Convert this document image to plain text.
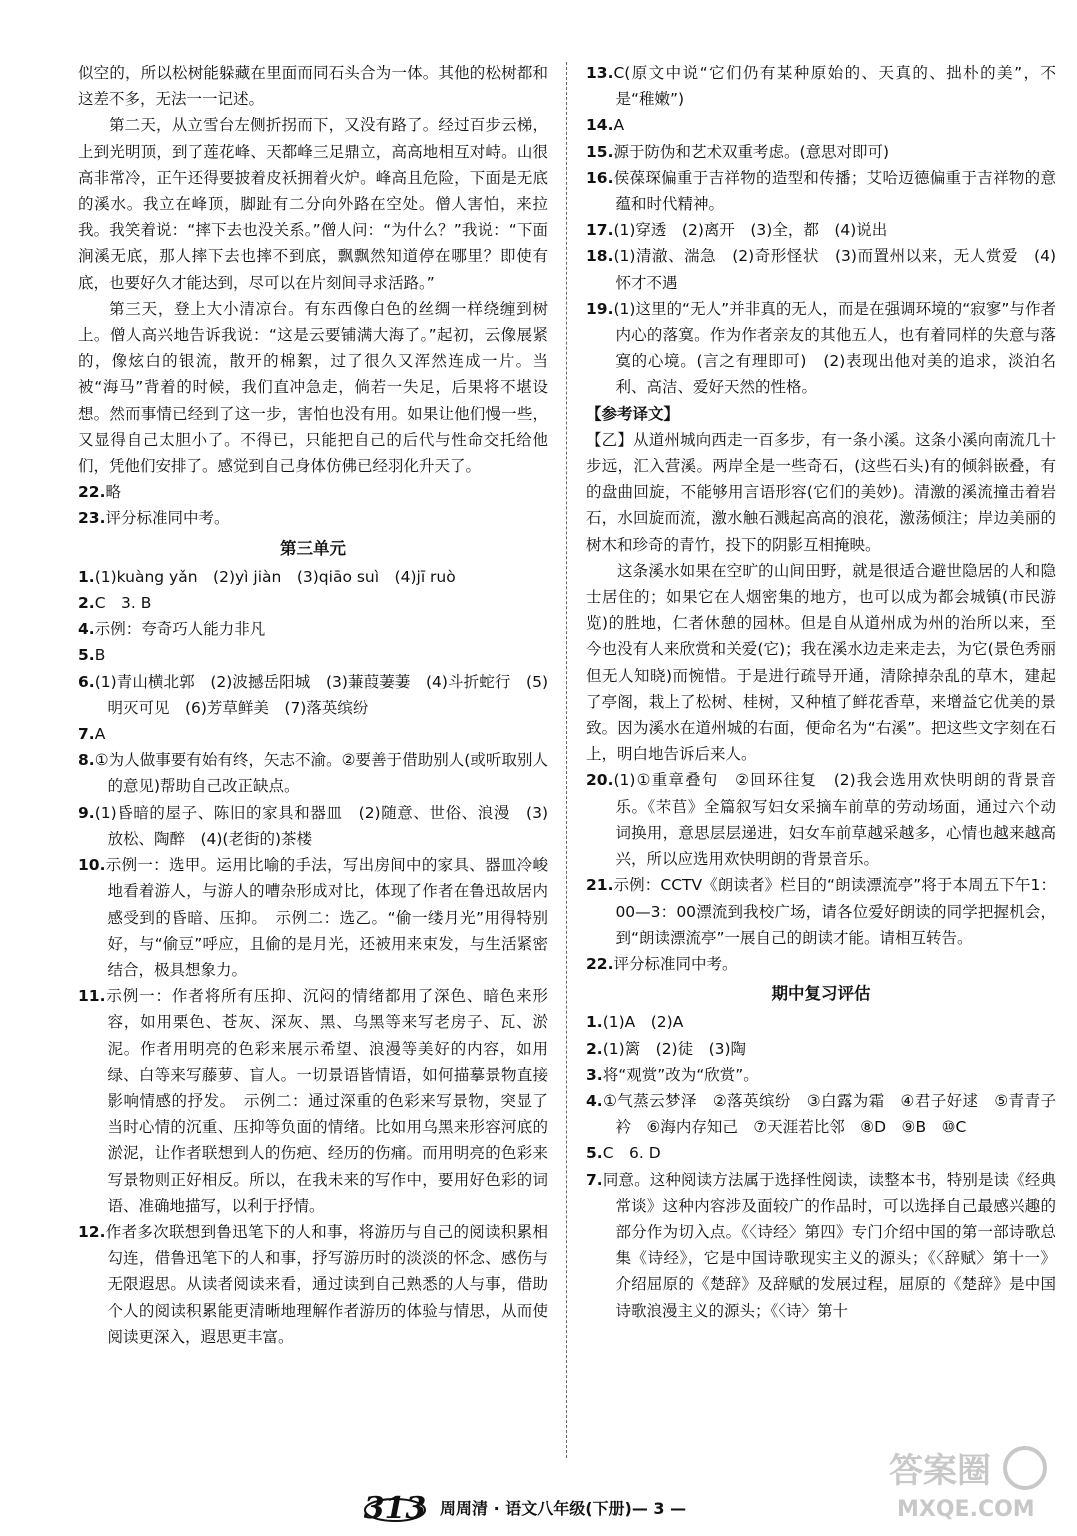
似空的，所以松树能躲藏在里面而同石头合为一体。其他的松树都和这差不多，无法一一记述。

第二天，从立雪台左侧折拐而下，又没有路了。经过百步云梯，上到光明顶，到了莲花峰、天都峰三足鼎立，高高地相互对峙。山很高非常冷，正午还得要披着皮袄拥着火炉。峰高且危险，下面是无底的溪水。我立在峰顶，脚趾有二分向外路在空处。僧人害怕，来拉我。我笑着说：“摔下去也没关系。”僧人问：“为什么？”我说：“下面涧溪无底，那人摔下去也摔不到底，飘飘然知道停在哪里？即使有底，也要好久才能达到，尽可以在片刻间寻求活路。”

第三天，登上大小清凉台。有东西像白色的丝绸一样绕缠到树上。僧人高兴地告诉我说：“这是云要铺满大海了。”起初，云像展紧的，像炫白的银流，散开的棉絮，过了很久又浑然连成一片。当被“海马”背着的时候，我们直冲急走，倘若一失足，后果将不堪设想。然而事情已经到了这一步，害怕也没有用。如果让他们慢一些，又显得自己太胆小了。不得已，只能把自己的后代与性命交托给他们，凭他们安排了。感觉到自己身体仿佛已经羽化升天了。

22.略

23.评分标准同中考。

第三单元

1.(1)kuàng yǎn　(2)yì jiàn　(3)qiāo suì　(4)jī ruò

2.C　3. B

4.示例：夸奇巧人能力非凡

5.B

6.(1)青山横北郭　(2)波撼岳阳城　(3)蒹葭萋萋　(4)斗折蛇行　(5)明灭可见　(6)芳草鲜美　(7)落英缤纷

7.A

8.①为人做事要有始有终，矢志不渝。②要善于借助别人(或听取别人的意见)帮助自己改正缺点。

9.(1)昏暗的屋子、陈旧的家具和器皿　(2)随意、世俗、浪漫　(3)放松、陶醉　(4)(老街的)茶楼

10.示例一：选甲。运用比喻的手法，写出房间中的家具、器皿冷峻地看着游人，与游人的嘈杂形成对比，体现了作者在鲁迅故居内感受到的昏暗、压抑。　示例二：选乙。“偷一缕月光”用得特别好，与“偷豆”呼应，且偷的是月光，还被用来束发，与生活紧密结合，极具想象力。

11.示例一：作者将所有压抑、沉闷的情绪都用了深色、暗色来形容，如用栗色、苍灰、深灰、黑、乌黑等来写老房子、瓦、淤泥。作者用明亮的色彩来展示希望、浪漫等美好的内容，如用绿、白等来写藤萝、盲人。一切景语皆情语，如何描摹景物直接影响情感的抒发。　示例二：通过深重的色彩来写景物，突显了当时心情的沉重、压抑等负面的情绪。比如用乌黑来形容河底的淤泥，让作者联想到人的伤疤、经历的伤痛。而用明亮的色彩来写景物则正好相反。所以，在我未来的写作中，要用好色彩的词语、准确地描写，以利于抒情。

12.作者多次联想到鲁迅笔下的人和事，将游历与自己的阅读积累相勾连，借鲁迅笔下的人和事，抒写游历时的淡淡的怀念、感伤与无限遐思。从读者阅读来看，通过读到自己熟悉的人与事，借助个人的阅读积累能更清晰地理解作者游历的体验与情思，从而使阅读更深入，遐思更丰富。

13.C(原文中说“它们仍有某种原始的、天真的、拙朴的美”，不是“稚嫩”)

14.A

15.源于防伪和艺术双重考虑。(意思对即可)

16.侯葆琛偏重于吉祥物的造型和传播；艾哈迈德偏重于吉祥物的意蕴和时代精神。

17.(1)穿透　(2)离开　(3)全，都　(4)说出

18.(1)清澈、湍急　(2)奇形怪状　(3)而置州以来，无人赏爱　(4)怀才不遇

19.(1)这里的“无人”并非真的无人，而是在强调环境的“寂寥”与作者内心的落寞。作为作者亲友的其他五人，也有着同样的失意与落寞的心境。(言之有理即可)　(2)表现出他对美的追求，淡泊名利、高洁、爱好天然的性格。

【参考译文】

【乙】从道州城向西走一百多步，有一条小溪。这条小溪向南流几十步远，汇入营溪。两岸全是一些奇石，(这些石头)有的倾斜嵌叠，有的盘曲回旋，不能够用言语形容(它们的美妙)。清激的溪流撞击着岩石，水回旋而流，激水触石溅起高高的浪花，激荡倾注；岸边美丽的树木和珍奇的青竹，投下的阴影互相掩映。

这条溪水如果在空旷的山间田野，就是很适合避世隐居的人和隐士居住的；如果它在人烟密集的地方，也可以成为都会城镇(市民游览)的胜地，仁者休憩的园林。但是自从道州成为州的治所以来，至今也没有人来欣赏和关爱(它)；我在溪水边走来走去，为它(景色秀丽但无人知晓)而惋惜。于是进行疏导开通，清除掉杂乱的草木，建起了亭阁，栽上了松树、桂树，又种植了鲜花香草，来增益它优美的景致。因为溪水在道州城的右面，便命名为“右溪”。把这些文字刻在石上，明白地告诉后来人。

20.(1)①重章叠句　②回环往复　(2)我会选用欢快明朗的背景音乐。《芣苢》全篇叙写妇女采摘车前草的劳动场面，通过六个动词换用，意思层层递进，妇女车前草越采越多，心情也越来越高兴，所以应选用欢快明朗的背景音乐。

21.示例：CCTV《朗读者》栏目的“朗读漂流亭”将于本周五下午1：00—3：00漂流到我校广场，请各位爱好朗读的同学把握机会，到“朗读漂流亭”一展自己的朗读才能。请相互转告。

22.评分标准同中考。

期中复习评估

1.(1)A　(2)A

2.(1)篱　(2)徒　(3)陶

3.将“观赏”改为“欣赏”。

4.①气蒸云梦泽　②落英缤纷　③白露为霜　④君子好逑　⑤青青子衿　⑥海内存知己　⑦天涯若比邻　⑧D　⑨B　⑩C

5.C　6. D

7.同意。这种阅读方法属于选择性阅读，读整本书，特别是读《经典常谈》这种内容涉及面较广的作品时，可以选择自己最感兴趣的部分作为切入点。《〈诗经〉第四》专门介绍中国的第一部诗歌总集《诗经》，它是中国诗歌现实主义的源头；《〈辞赋〉第十一》介绍屈原的《楚辞》及辞赋的发展过程，屈原的《楚辞》是中国诗歌浪漫主义的源头；《〈诗〉第十

313 周周清 · 语文八年级(下册)— 3 —
答案圈
MXQE.COM
